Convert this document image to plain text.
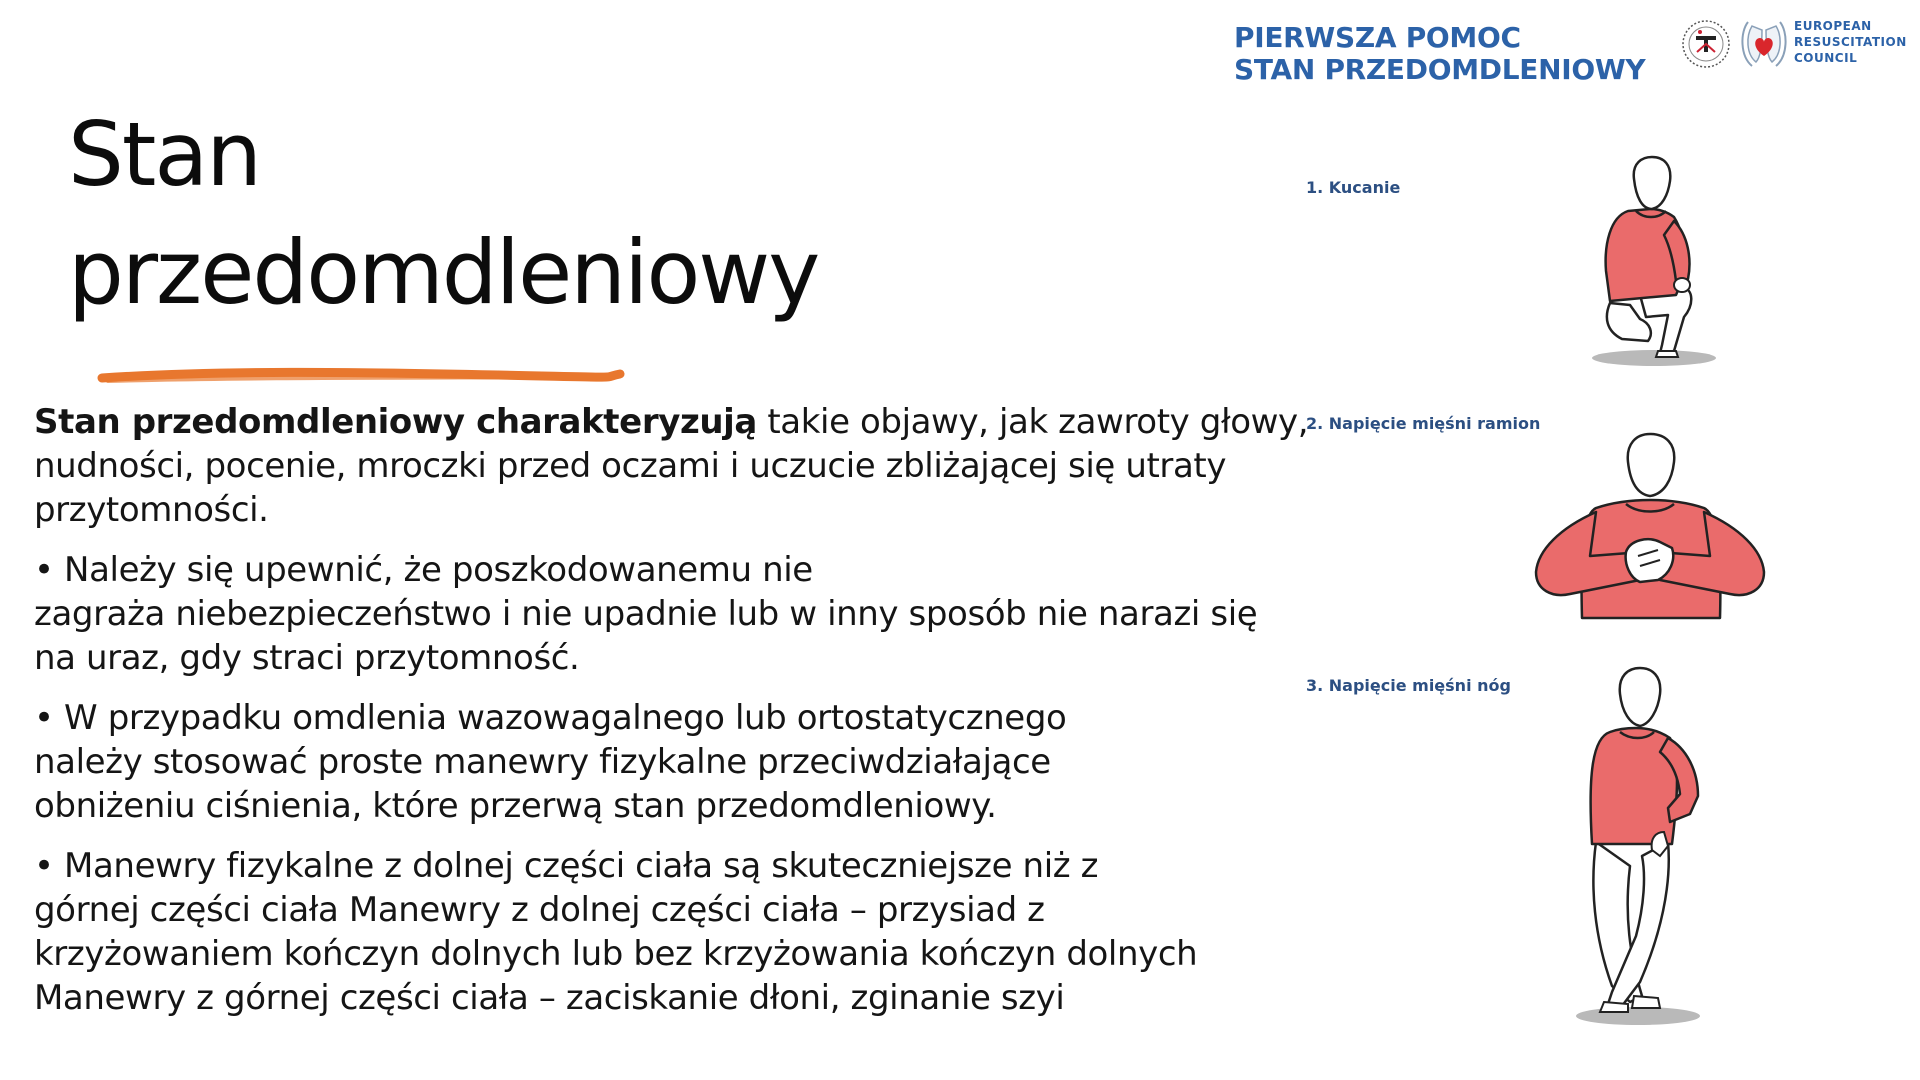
Stan
przedomdleniowy

Stan przedomdleniowy charakteryzują takie objawy, jak zawroty głowy,
nudności, pocenie, mroczki przed oczami i uczucie zbliżającej się utraty
przytomności.

• Należy się upewnić, że poszkodowanemu nie
zagraża niebezpieczeństwo i nie upadnie lub w inny sposób nie narazi się
na uraz, gdy straci przytomność.

• W przypadku omdlenia wazowagalnego lub ortostatycznego
należy stosować proste manewry fizykalne przeciwdziałające
obniżeniu ciśnienia, które przerwą stan przedomdleniowy.

• Manewry fizykalne z dolnej części ciała są skuteczniejsze niż z
górnej części ciała Manewry z dolnej części ciała – przysiad z
krzyżowaniem kończyn dolnych lub bez krzyżowania kończyn dolnych
Manewry z górnej części ciała – zaciskanie dłoni, zginanie szyi

PIERWSZA POMOC
STAN PRZEDOMDLENIOWY
EUROPEAN
RESUSCITATION
COUNCIL
1. Kucanie
2. Napięcie mięśni ramion
3. Napięcie mięśni nóg
